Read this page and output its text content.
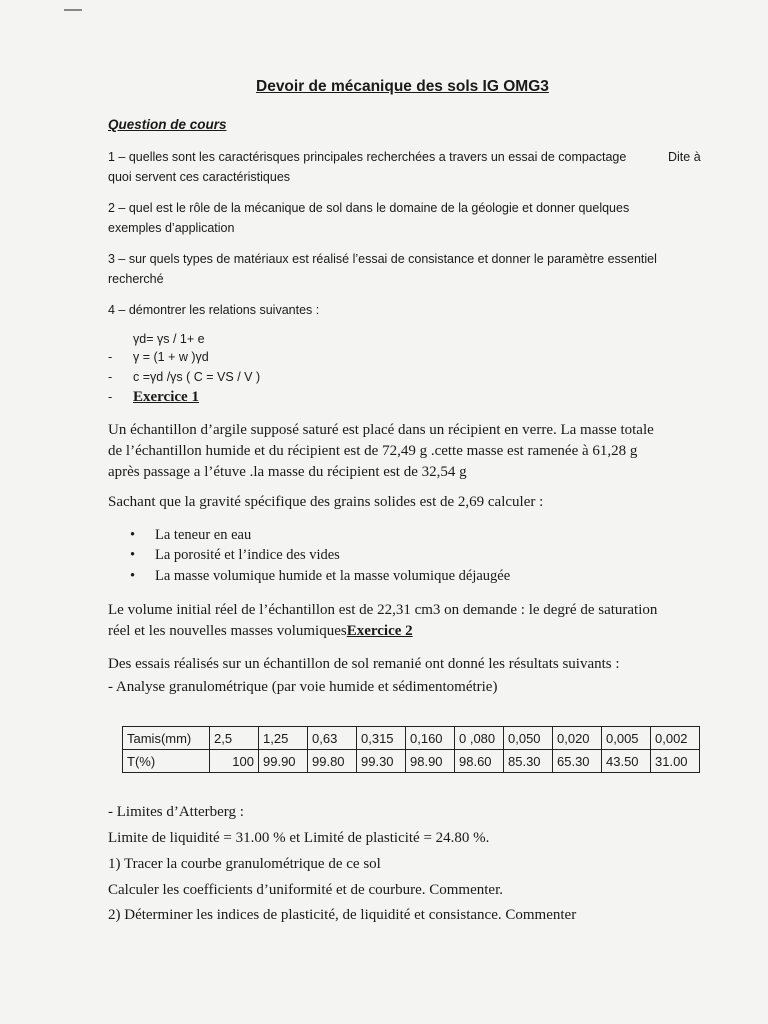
Devoir de mécanique des sols IG OMG3
Question de cours
1 – quelles sont les caractérisques principales recherchées a travers un essai de compactage	Dite à
quoi servent ces caractéristiques
2 – quel est le rôle de la mécanique de sol dans le domaine de la géologie et donner quelques
exemples d’application
3 – sur quels types de matériaux est réalisé l’essai de consistance et donner le paramètre essentiel
recherché
4 – démontrer les relations suivantes :
γd= γs / 1+ e
- γ = (1 + w )γd
- c =γd /γs ( C = VS / V )
- Exercice 1
Un échantillon d’argile supposé saturé est placé dans un récipient en verre. La masse totale
de l’échantillon humide et du récipient est de 72,49 g .cette masse est ramenée à 61,28 g
après passage a l’étuve .la masse du récipient est de 32,54 g
Sachant que la gravité spécifique des grains solides est de 2,69 calculer :
• La teneur en eau
• La porosité et l’indice des vides
• La masse volumique humide et la masse volumique déjaugée
Le volume initial réel de l’échantillon est de 22,31 cm3 on demande : le degré de saturation
réel et les nouvelles masses volumiquesExercice 2
Des essais réalisés sur un échantillon de sol remanié ont donné les résultats suivants :
- Analyse granulométrique (par voie humide et sédimentométrie)
Tamis(mm)	2,5	1,25	0,63	0,315	0,160	0 ,080	0,050	0,020	0,005	0,002
T(%)	100	99.90	99.80	99.30	98.90	98.60	85.30	65.30	43.50	31.00
- Limites d’Atterberg :
Limite de liquidité = 31.00 % et Limité de plasticité = 24.80 %.
1) Tracer la courbe granulométrique de ce sol
Calculer les coefficients d’uniformité et de courbure. Commenter.
2) Déterminer les indices de plasticité, de liquidité et consistance. Commenter
